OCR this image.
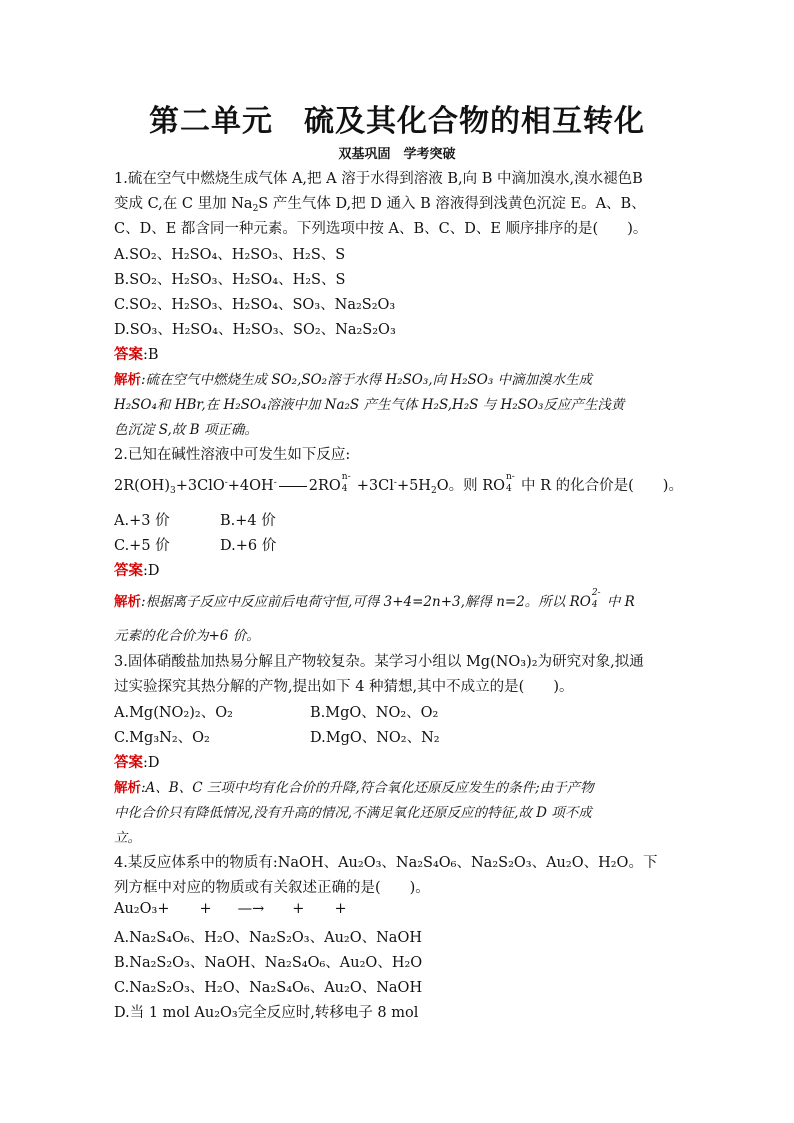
第二单元　硫及其化合物的相互转化
双基巩固　学考突破
1.硫在空气中燃烧生成气体 A,把 A 溶于水得到溶液 B,向 B 中滴加溴水,溴水褪色B
变成 C,在 C 里加 $Na_2S$ 产生气体 D,把 D 通入 B 溶液得到浅黄色沉淀 E。A、B、
C、D、E 都含同一种元素。下列选项中按 A、B、C、D、E 顺序排序的是(　　)。
A.SO₂、H₂SO₄、H₂SO₃、H₂S、S
B.SO₂、H₂SO₃、H₂SO₄、H₂S、S
C.SO₂、H₂SO₃、H₂SO₄、SO₃、Na₂S₂O₃
D.SO₃、H₂SO₄、H₂SO₃、SO₂、Na₂S₂O₃
答案:B
解析:硫在空气中燃烧生成 SO₂,SO₂溶于水得 H₂SO₃,向 H₂SO₃ 中滴加溴水生成
H₂SO₄和 HBr,在 H₂SO₄溶液中加 Na₂S 产生气体 H₂S,H₂S 与 H₂SO₃反应产生浅黄
色沉淀 S,故 B 项正确。
2.已知在碱性溶液中可发生如下反应:
$2R(OH)_3+3ClO^-+4OH^-$ 2RO
n-
$4 +3Cl^-+5H_2O$。则 RO
n-
4 中 R 的化合价是(　　)。
A.+3 价	B.+4 价
C.+5 价	D.+6 价
答案:D
解析:根据离子反应中反应前后电荷守恒,可得 3+4=2n+3,解得 n=2。所以 RO
2-
4 中 R
元素的化合价为+6 价。
3.固体硝酸盐加热易分解且产物较复杂。某学习小组以 Mg(NO₃)₂为研究对象,拟通
过实验探究其热分解的产物,提出如下 4 种猜想,其中不成立的是(　　)。
A.Mg(NO₂)₂、O₂	B.MgO、NO₂、O₂
C.Mg₃N₂、O₂	D.MgO、NO₂、N₂
答案:D
解析:A、B、C 三项中均有化合价的升降,符合氧化还原反应发生的条件;由于产物
中化合价只有降低情况,没有升高的情况,不满足氧化还原反应的特征,故 D 项不成
立。
4.某反应体系中的物质有:NaOH、Au₂O₃、Na₂S₄O₆、Na₂S₂O₃、Au₂O、H₂O。下
列方框中对应的物质或有关叙述正确的是(　　)。
Au₂O₃+ + —→ + +
A.Na₂S₄O₆、H₂O、Na₂S₂O₃、Au₂O、NaOH
B.Na₂S₂O₃、NaOH、Na₂S₄O₆、Au₂O、H₂O
C.Na₂S₂O₃、H₂O、Na₂S₄O₆、Au₂O、NaOH
D.当 1 mol Au₂O₃完全反应时,转移电子 8 mol
